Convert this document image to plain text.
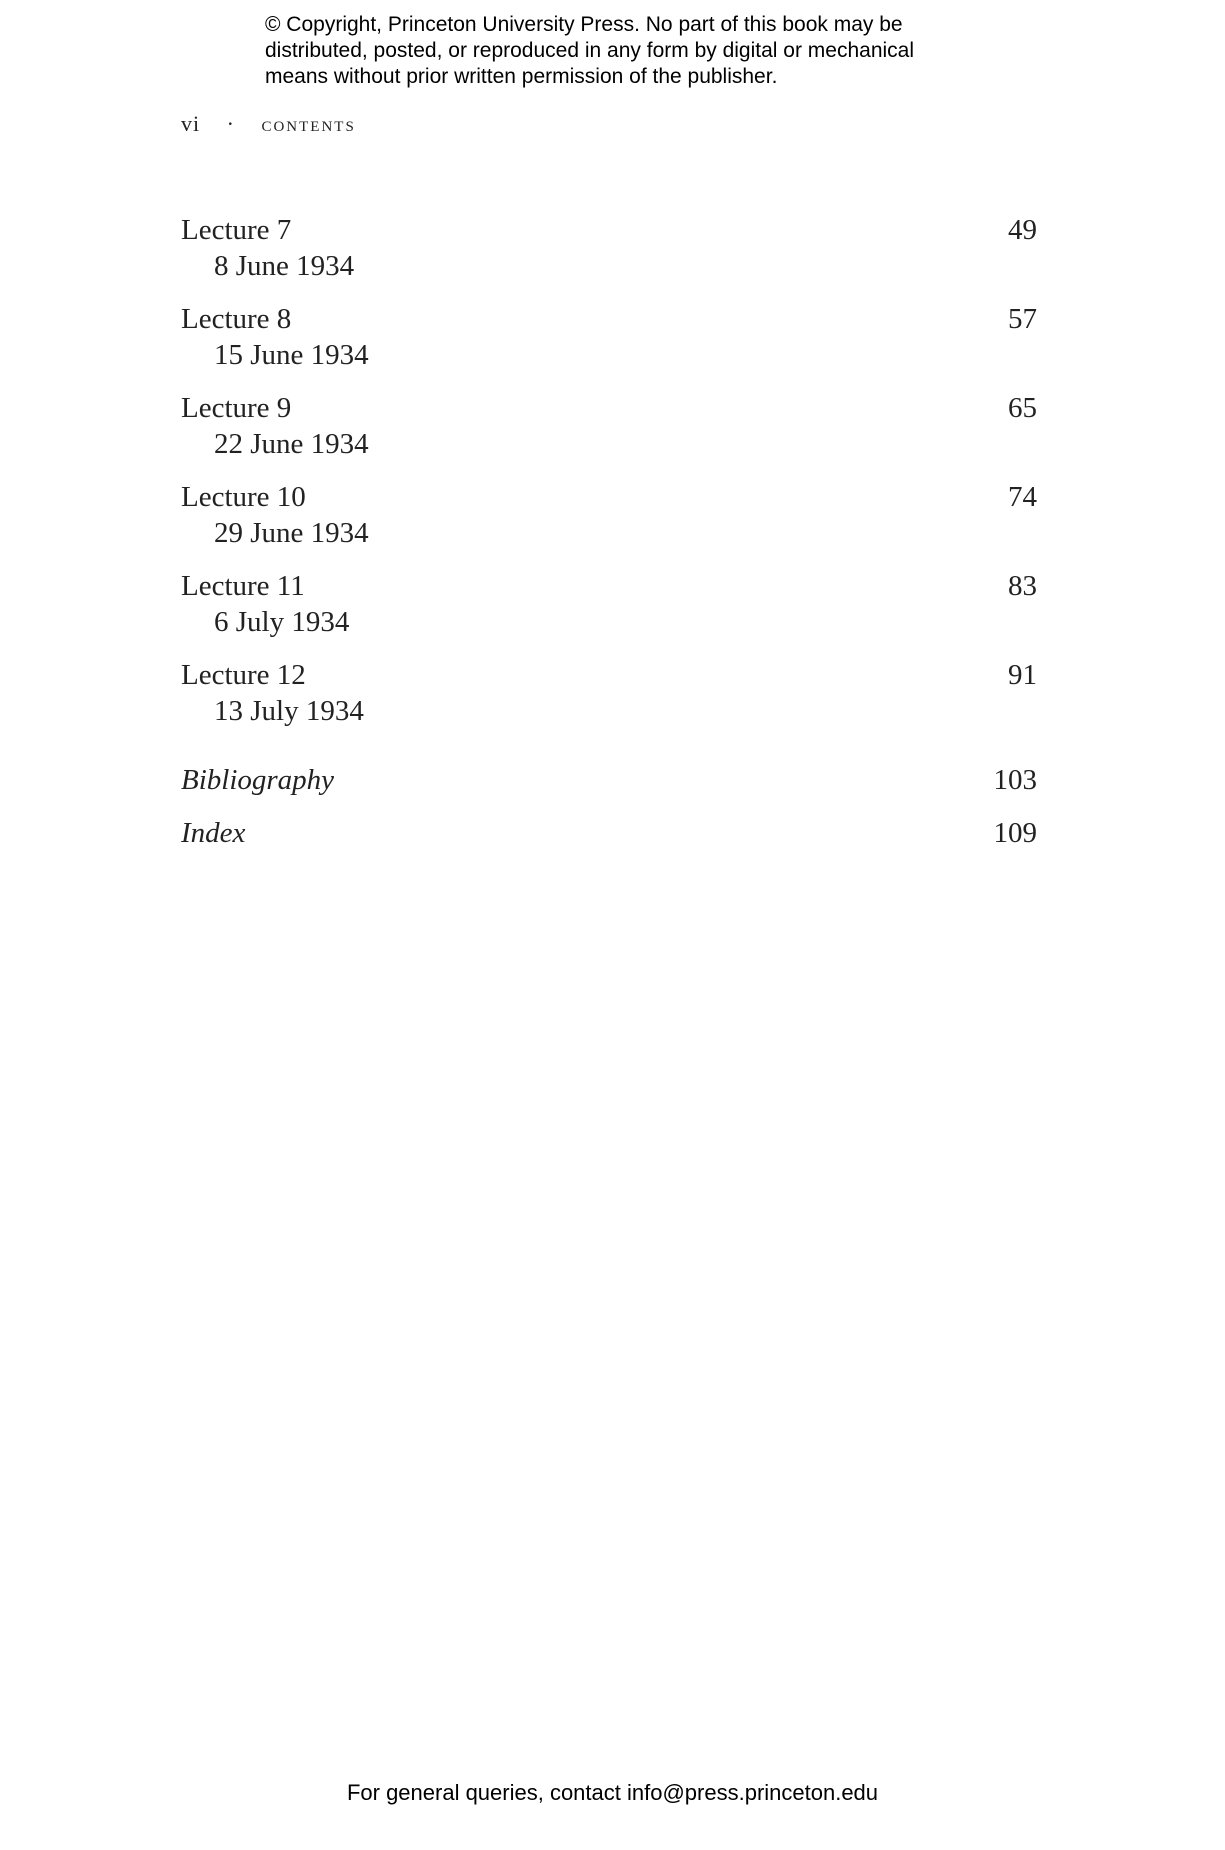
© Copyright, Princeton University Press. No part of this book may be
distributed, posted, or reproduced in any form by digital or mechanical
means without prior written permission of the publisher.
vi · contents
Lecture 7
8 June 1934
49
Lecture 8
15 June 1934
57
Lecture 9
22 June 1934
65
Lecture 10
29 June 1934
74
Lecture 11
6 July 1934
83
Lecture 12
13 July 1934
91
Bibliography	103
Index	109
For general queries, contact info@press.princeton.edu
